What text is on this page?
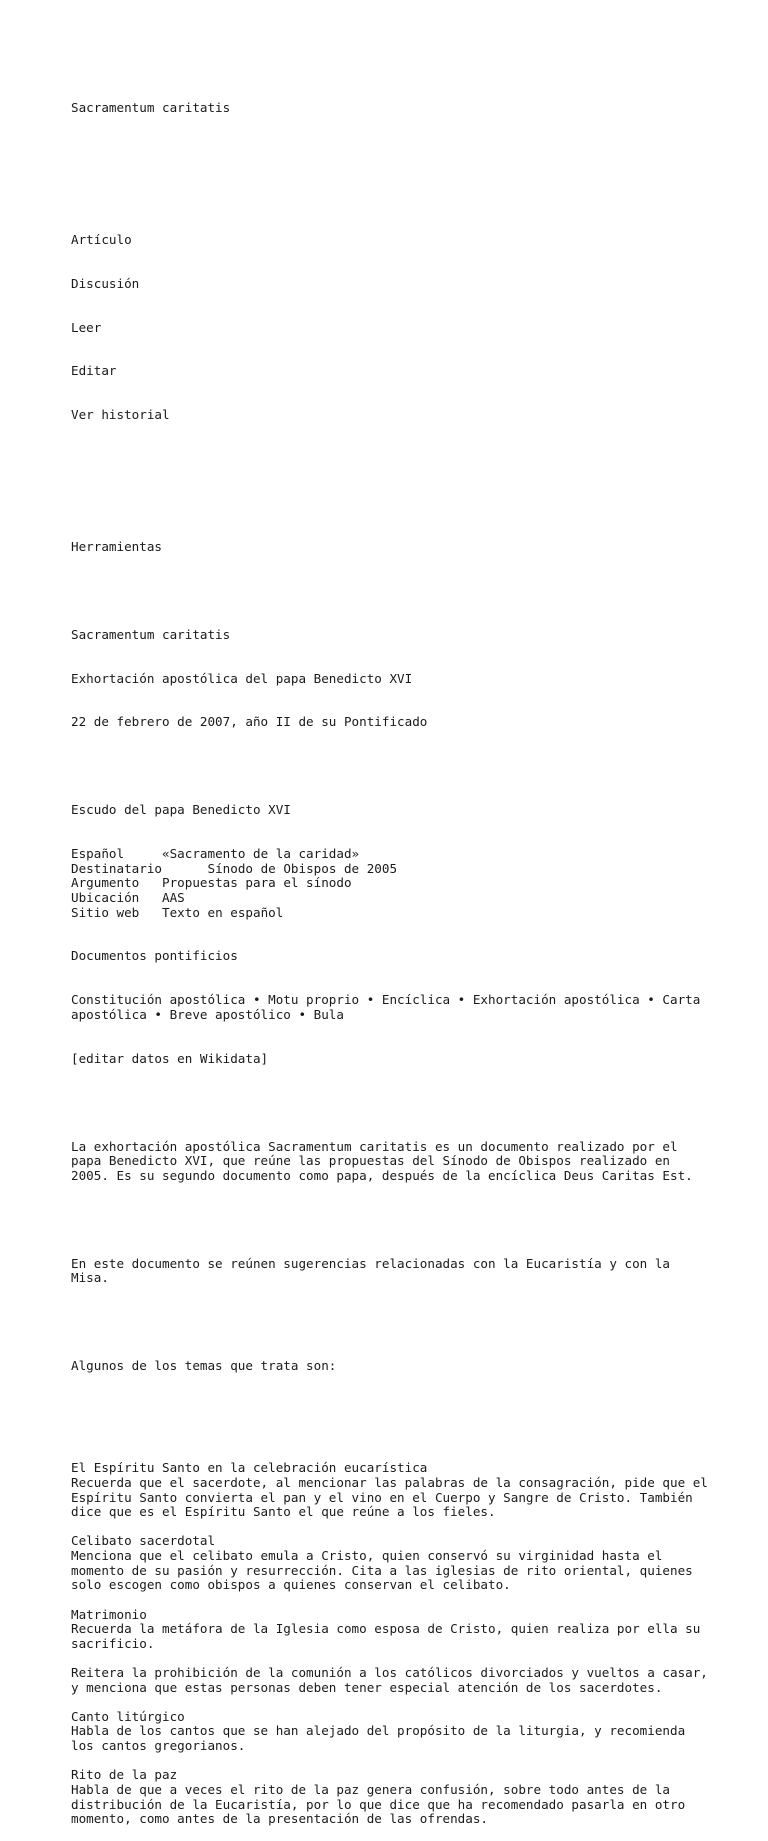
Sacramentum caritatis

Artículo

Discusión

Leer

Editar

Ver historial

Herramientas

Sacramentum caritatis

Exhortación apostólica del papa Benedicto XVI

22 de febrero de 2007, año II de su Pontificado

Escudo del papa Benedicto XVI

Español	«Sacramento de la caridad»
Destinatario	Sínodo de Obispos de 2005
Argumento Propuestas para el sínodo
Ubicación AAS
Sitio web Texto en español

Documentos pontificios

Constitución apostólica • Motu proprio • Encíclica • Exhortación apostólica • Carta apostólica • Breve apostólico • Bula

[editar datos en Wikidata]

La exhortación apostólica Sacramentum caritatis es un documento realizado por el papa Benedicto XVI, que reúne las propuestas del Sínodo de Obispos realizado en 2005. Es su segundo documento como papa, después de la encíclica Deus Caritas Est.

En este documento se reúnen sugerencias relacionadas con la Eucaristía y con la Misa.

Algunos de los temas que trata son:

El Espíritu Santo en la celebración eucarística
Recuerda que el sacerdote, al mencionar las palabras de la consagración, pide que el Espíritu Santo convierta el pan y el vino en el Cuerpo y Sangre de Cristo. También dice que es el Espíritu Santo el que reúne a los fieles.
Celibato sacerdotal
Menciona que el celibato emula a Cristo, quien conservó su virginidad hasta el momento de su pasión y resurrección. Cita a las iglesias de rito oriental, quienes solo escogen como obispos a quienes conservan el celibato.
Matrimonio
Recuerda la metáfora de la Iglesia como esposa de Cristo, quien realiza por ella su sacrificio.
Reitera la prohibición de la comunión a los católicos divorciados y vueltos a casar, y menciona que estas personas deben tener especial atención de los sacerdotes.
Canto litúrgico
Habla de los cantos que se han alejado del propósito de la liturgia, y recomienda los cantos gregorianos.
Rito de la paz
Habla de que a veces el rito de la paz genera confusión, sobre todo antes de la distribución de la Eucaristía, por lo que dice que ha recomendado pasarla en otro momento, como antes de la presentación de las ofrendas.
